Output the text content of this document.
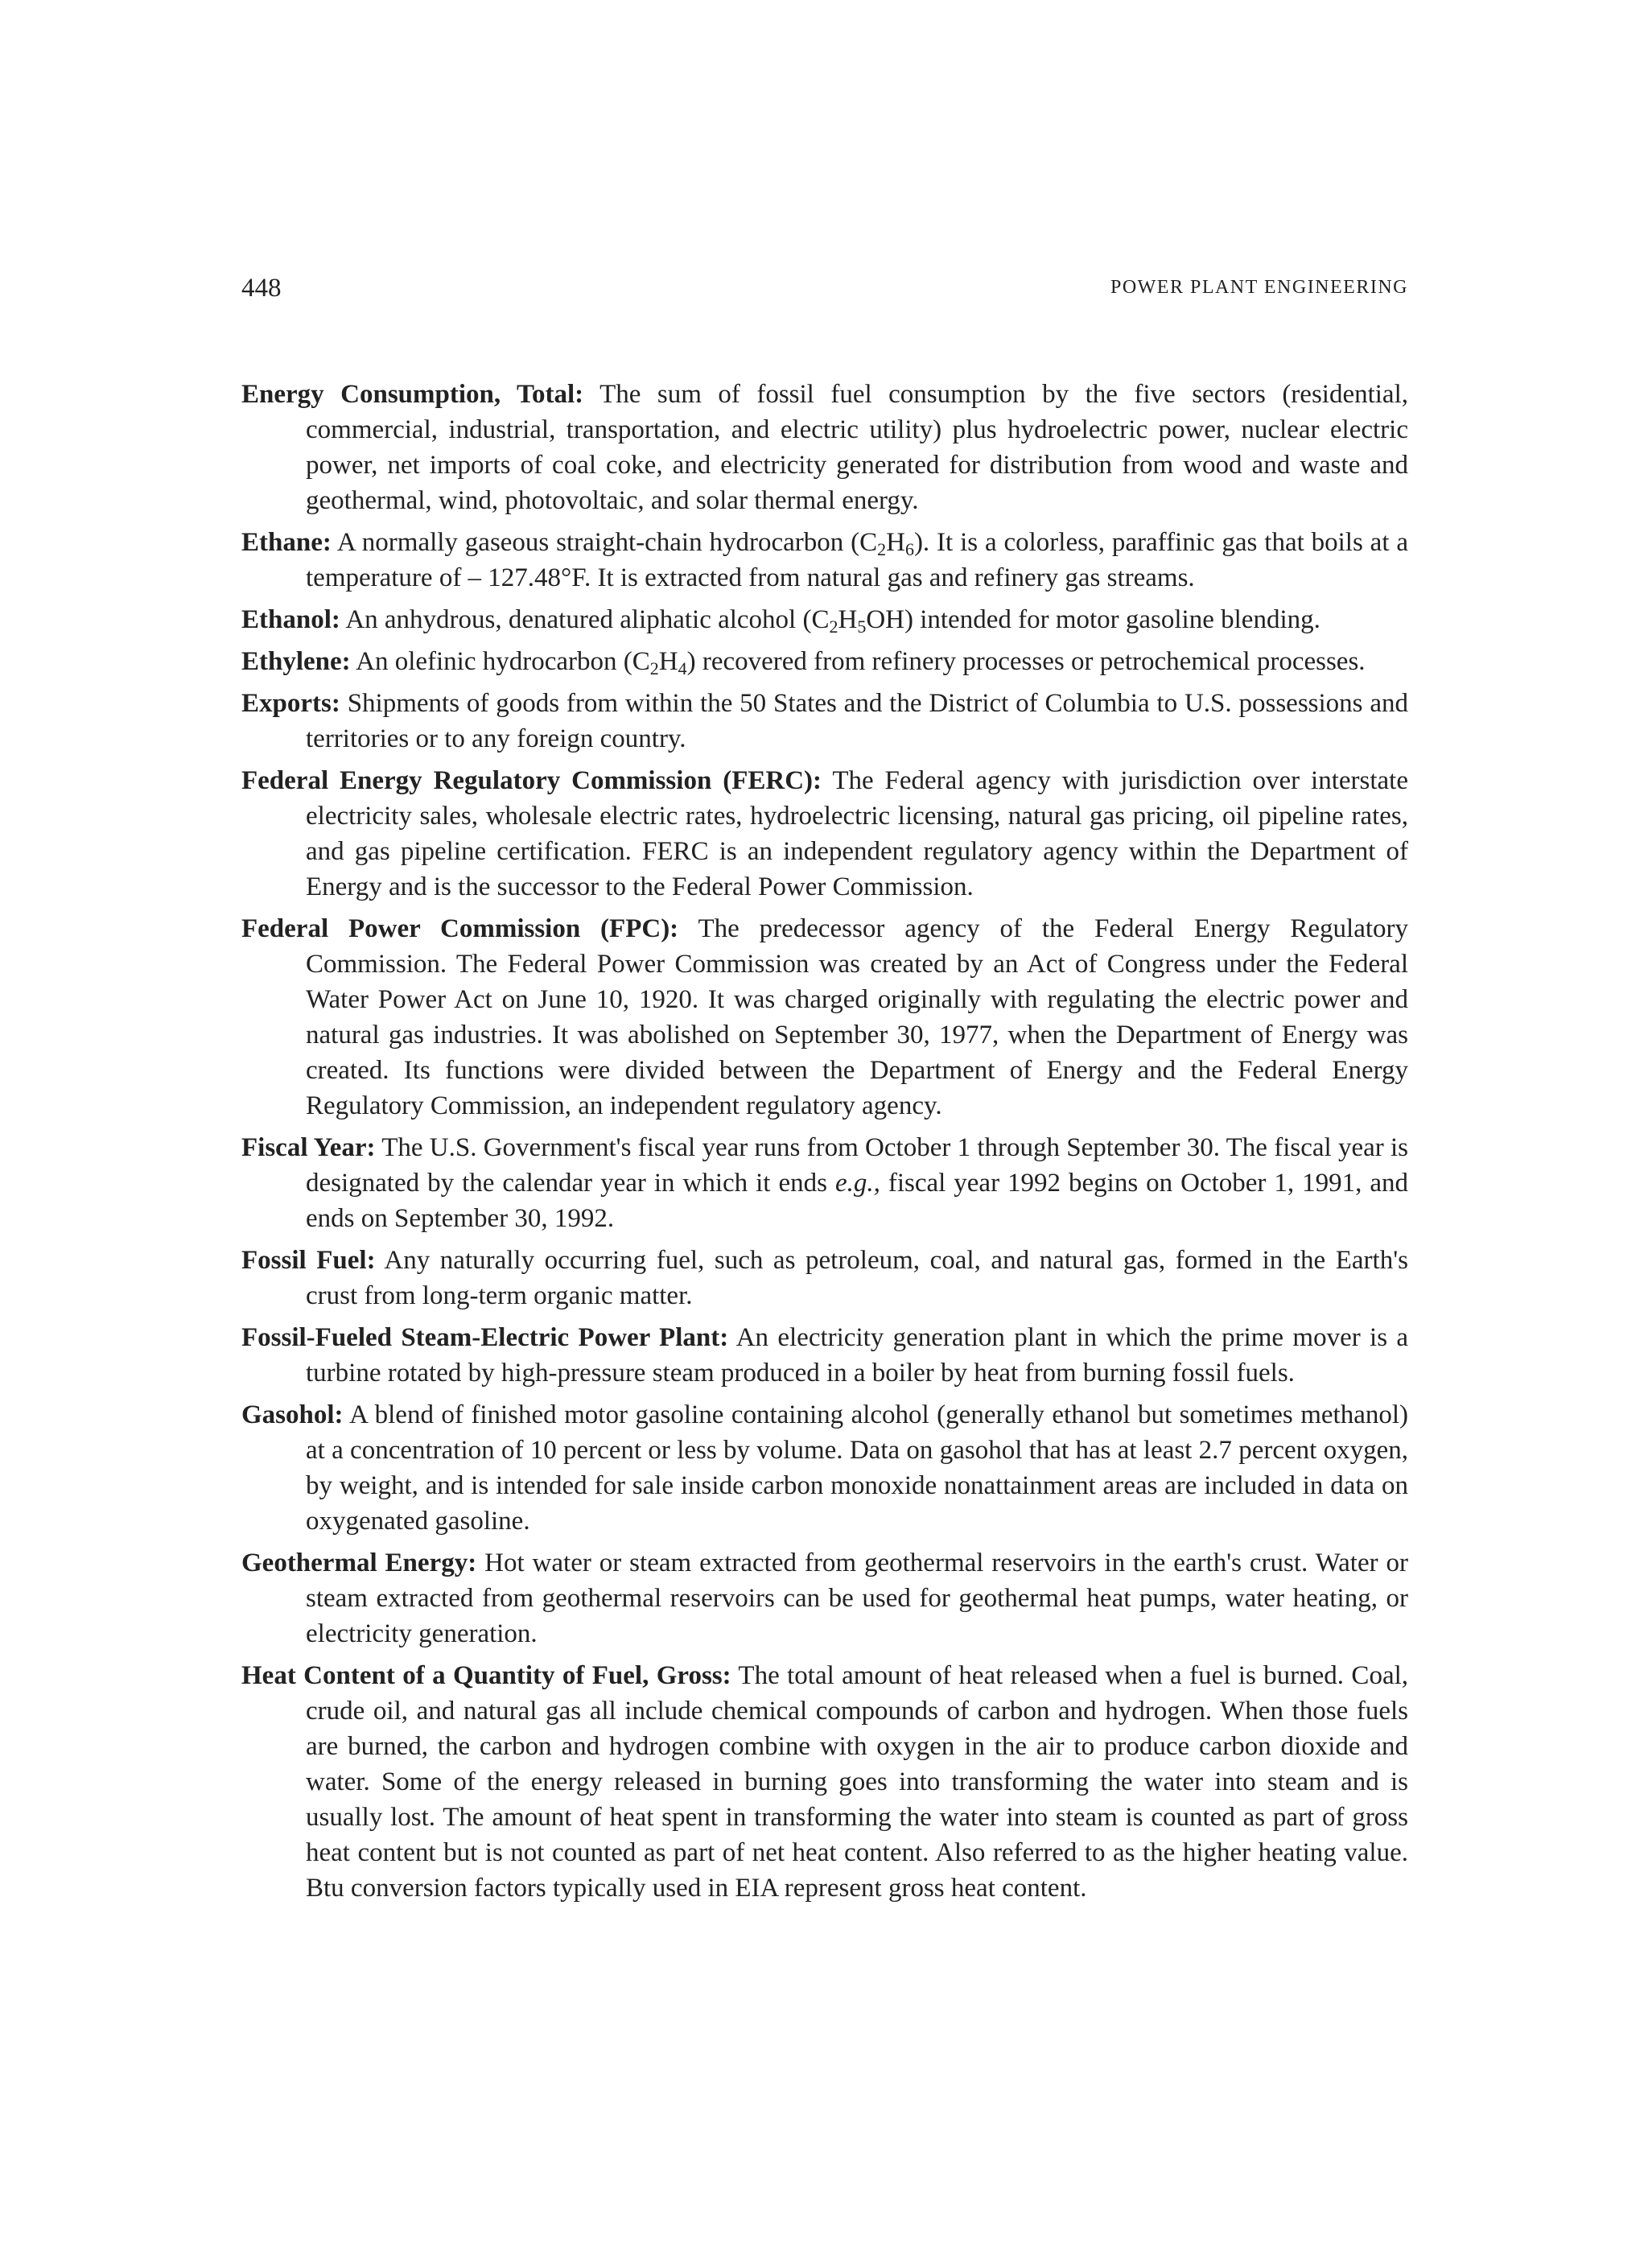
448	POWER PLANT ENGINEERING

Energy Consumption, Total: The sum of fossil fuel consumption by the five sectors (residential, commercial, industrial, transportation, and electric utility) plus hydroelectric power, nuclear electric power, net imports of coal coke, and electricity generated for distribution from wood and waste and geothermal, wind, photovoltaic, and solar thermal energy.

Ethane: A normally gaseous straight-chain hydrocarbon $(C_2H_6)$. It is a colorless, paraffinic gas that boils at a temperature of – 127.48°F. It is extracted from natural gas and refinery gas streams.

Ethanol: An anhydrous, denatured aliphatic alcohol $(C_2H_5OH)$ intended for motor gasoline blending.

Ethylene: An olefinic hydrocarbon $(C_2H_4)$ recovered from refinery processes or petrochemical processes.

Exports: Shipments of goods from within the 50 States and the District of Columbia to U.S. possessions and territories or to any foreign country.

Federal Energy Regulatory Commission (FERC): The Federal agency with jurisdiction over interstate electricity sales, wholesale electric rates, hydroelectric licensing, natural gas pricing, oil pipeline rates, and gas pipeline certification. FERC is an independent regulatory agency within the Department of Energy and is the successor to the Federal Power Commission.

Federal Power Commission (FPC): The predecessor agency of the Federal Energy Regulatory Commission. The Federal Power Commission was created by an Act of Congress under the Federal Water Power Act on June 10, 1920. It was charged originally with regulating the electric power and natural gas industries. It was abolished on September 30, 1977, when the Department of Energy was created. Its functions were divided between the Department of Energy and the Federal Energy Regulatory Commission, an independent regulatory agency.

Fiscal Year: The U.S. Government's fiscal year runs from October 1 through September 30. The fiscal year is designated by the calendar year in which it ends e.g., fiscal year 1992 begins on October 1, 1991, and ends on September 30, 1992.

Fossil Fuel: Any naturally occurring fuel, such as petroleum, coal, and natural gas, formed in the Earth's crust from long-term organic matter.

Fossil-Fueled Steam-Electric Power Plant: An electricity generation plant in which the prime mover is a turbine rotated by high-pressure steam produced in a boiler by heat from burning fossil fuels.

Gasohol: A blend of finished motor gasoline containing alcohol (generally ethanol but sometimes methanol) at a concentration of 10 percent or less by volume. Data on gasohol that has at least 2.7 percent oxygen, by weight, and is intended for sale inside carbon monoxide nonattainment areas are included in data on oxygenated gasoline.

Geothermal Energy: Hot water or steam extracted from geothermal reservoirs in the earth's crust. Water or steam extracted from geothermal reservoirs can be used for geothermal heat pumps, water heating, or electricity generation.

Heat Content of a Quantity of Fuel, Gross: The total amount of heat released when a fuel is burned. Coal, crude oil, and natural gas all include chemical compounds of carbon and hydrogen. When those fuels are burned, the carbon and hydrogen combine with oxygen in the air to produce carbon dioxide and water. Some of the energy released in burning goes into transforming the water into steam and is usually lost. The amount of heat spent in transforming the water into steam is counted as part of gross heat content but is not counted as part of net heat content. Also referred to as the higher heating value. Btu conversion factors typically used in EIA represent gross heat content.
